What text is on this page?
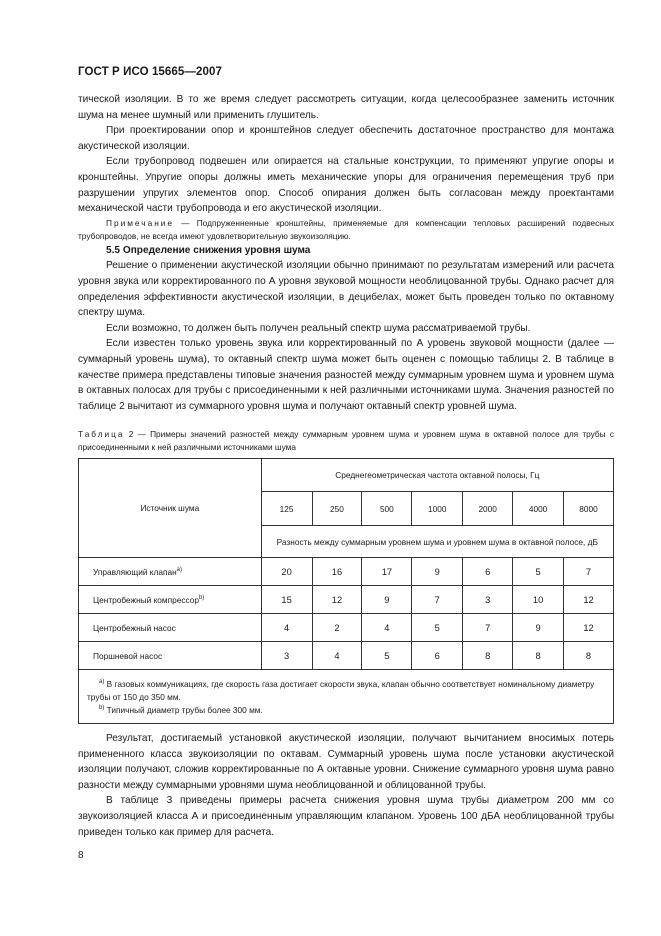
ГОСТ Р ИСО 15665—2007

тической изоляции. В то же время следует рассмотреть ситуации, когда целесообразнее заменить источник шума на менее шумный или применить глушитель.

При проектировании опор и кронштейнов следует обеспечить достаточное пространство для монтажа акустической изоляции.

Если трубопровод подвешен или опирается на стальные конструкции, то применяют упругие опоры и кронштейны. Упругие опоры должны иметь механические упоры для ограничения перемещения труб при разрушении упругих элементов опор. Способ опирания должен быть согласован между проектантами механической части трубопровода и его акустической изоляции.

Примечание — Подпруженненные кронштейны, применяемые для компенсации тепловых расширений подвесных трубопроводов, не всегда имеют удовлетворительную звукоизоляцию.

5.5 Определение снижения уровня шума

Решение о применении акустической изоляции обычно принимают по результатам измерений или расчета уровня звука или корректированного по А уровня звуковой мощности необлицованной трубы. Однако расчет для определения эффективности акустической изоляции, в децибелах, может быть проведен только по октавному спектру шума.

Если возможно, то должен быть получен реальный спектр шума рассматриваемой трубы.

Если известен только уровень звука или корректированный по А уровень звуковой мощности (далее — суммарный уровень шума), то октавный спектр шума может быть оценен с помощью таблицы 2. В таблице в качестве примера представлены типовые значения разностей между суммарным уровнем шума и уровнем шума в октавных полосах для трубы с присоединенными к ней различными источниками шума. Значения разностей по таблице 2 вычитают из суммарного уровня шума и получают октавный спектр уровней шума.

Таблица 2 — Примеры значений разностей между суммарным уровнем шума и уровнем шума в октавной полосе для трубы с присоединенными к ней различными источниками шума
Источник шума	Среднегеометрическая частота октавной полосы, Гц						
	125	250	500	1000	2000	4000	8000
	Разность между суммарным уровнем шума и уровнем шума в октавной полосе, дБ						
Управляющий клапан$^{а)}$	20	16	17	9	6	5	7
Центробежный компрессор$^{b)}$	15	12	9	7	3	10	12
Центробежный насос	4	2	4	5	7	9	12
Поршневой насос	3	4	5	6	8	8	8

$^{a)}$ В газовых коммуникациях, где скорость газа достигает скорости звука, клапан обычно соответствует номинальному диаметру трубы от 150 до 350 мм.
$^{b)}$ Типичный диаметр трубы более 300 мм.							

Результат, достигаемый установкой акустической изоляции, получают вычитанием вносимых потерь примененного класса звукоизоляции по октавам. Суммарный уровень шума после установки акустической изоляции получают, сложив корректированные по А октавные уровни. Снижение суммарного уровня шума равно разности между суммарными уровнями шума необлицованной и облицованной трубы.

В таблице 3 приведены примеры расчета снижения уровня шума трубы диаметром 200 мм со звукоизоляцией класса А и присоединенным управляющим клапаном. Уровень 100 дБА необлицованной трубы приведен только как пример для расчета.

8
